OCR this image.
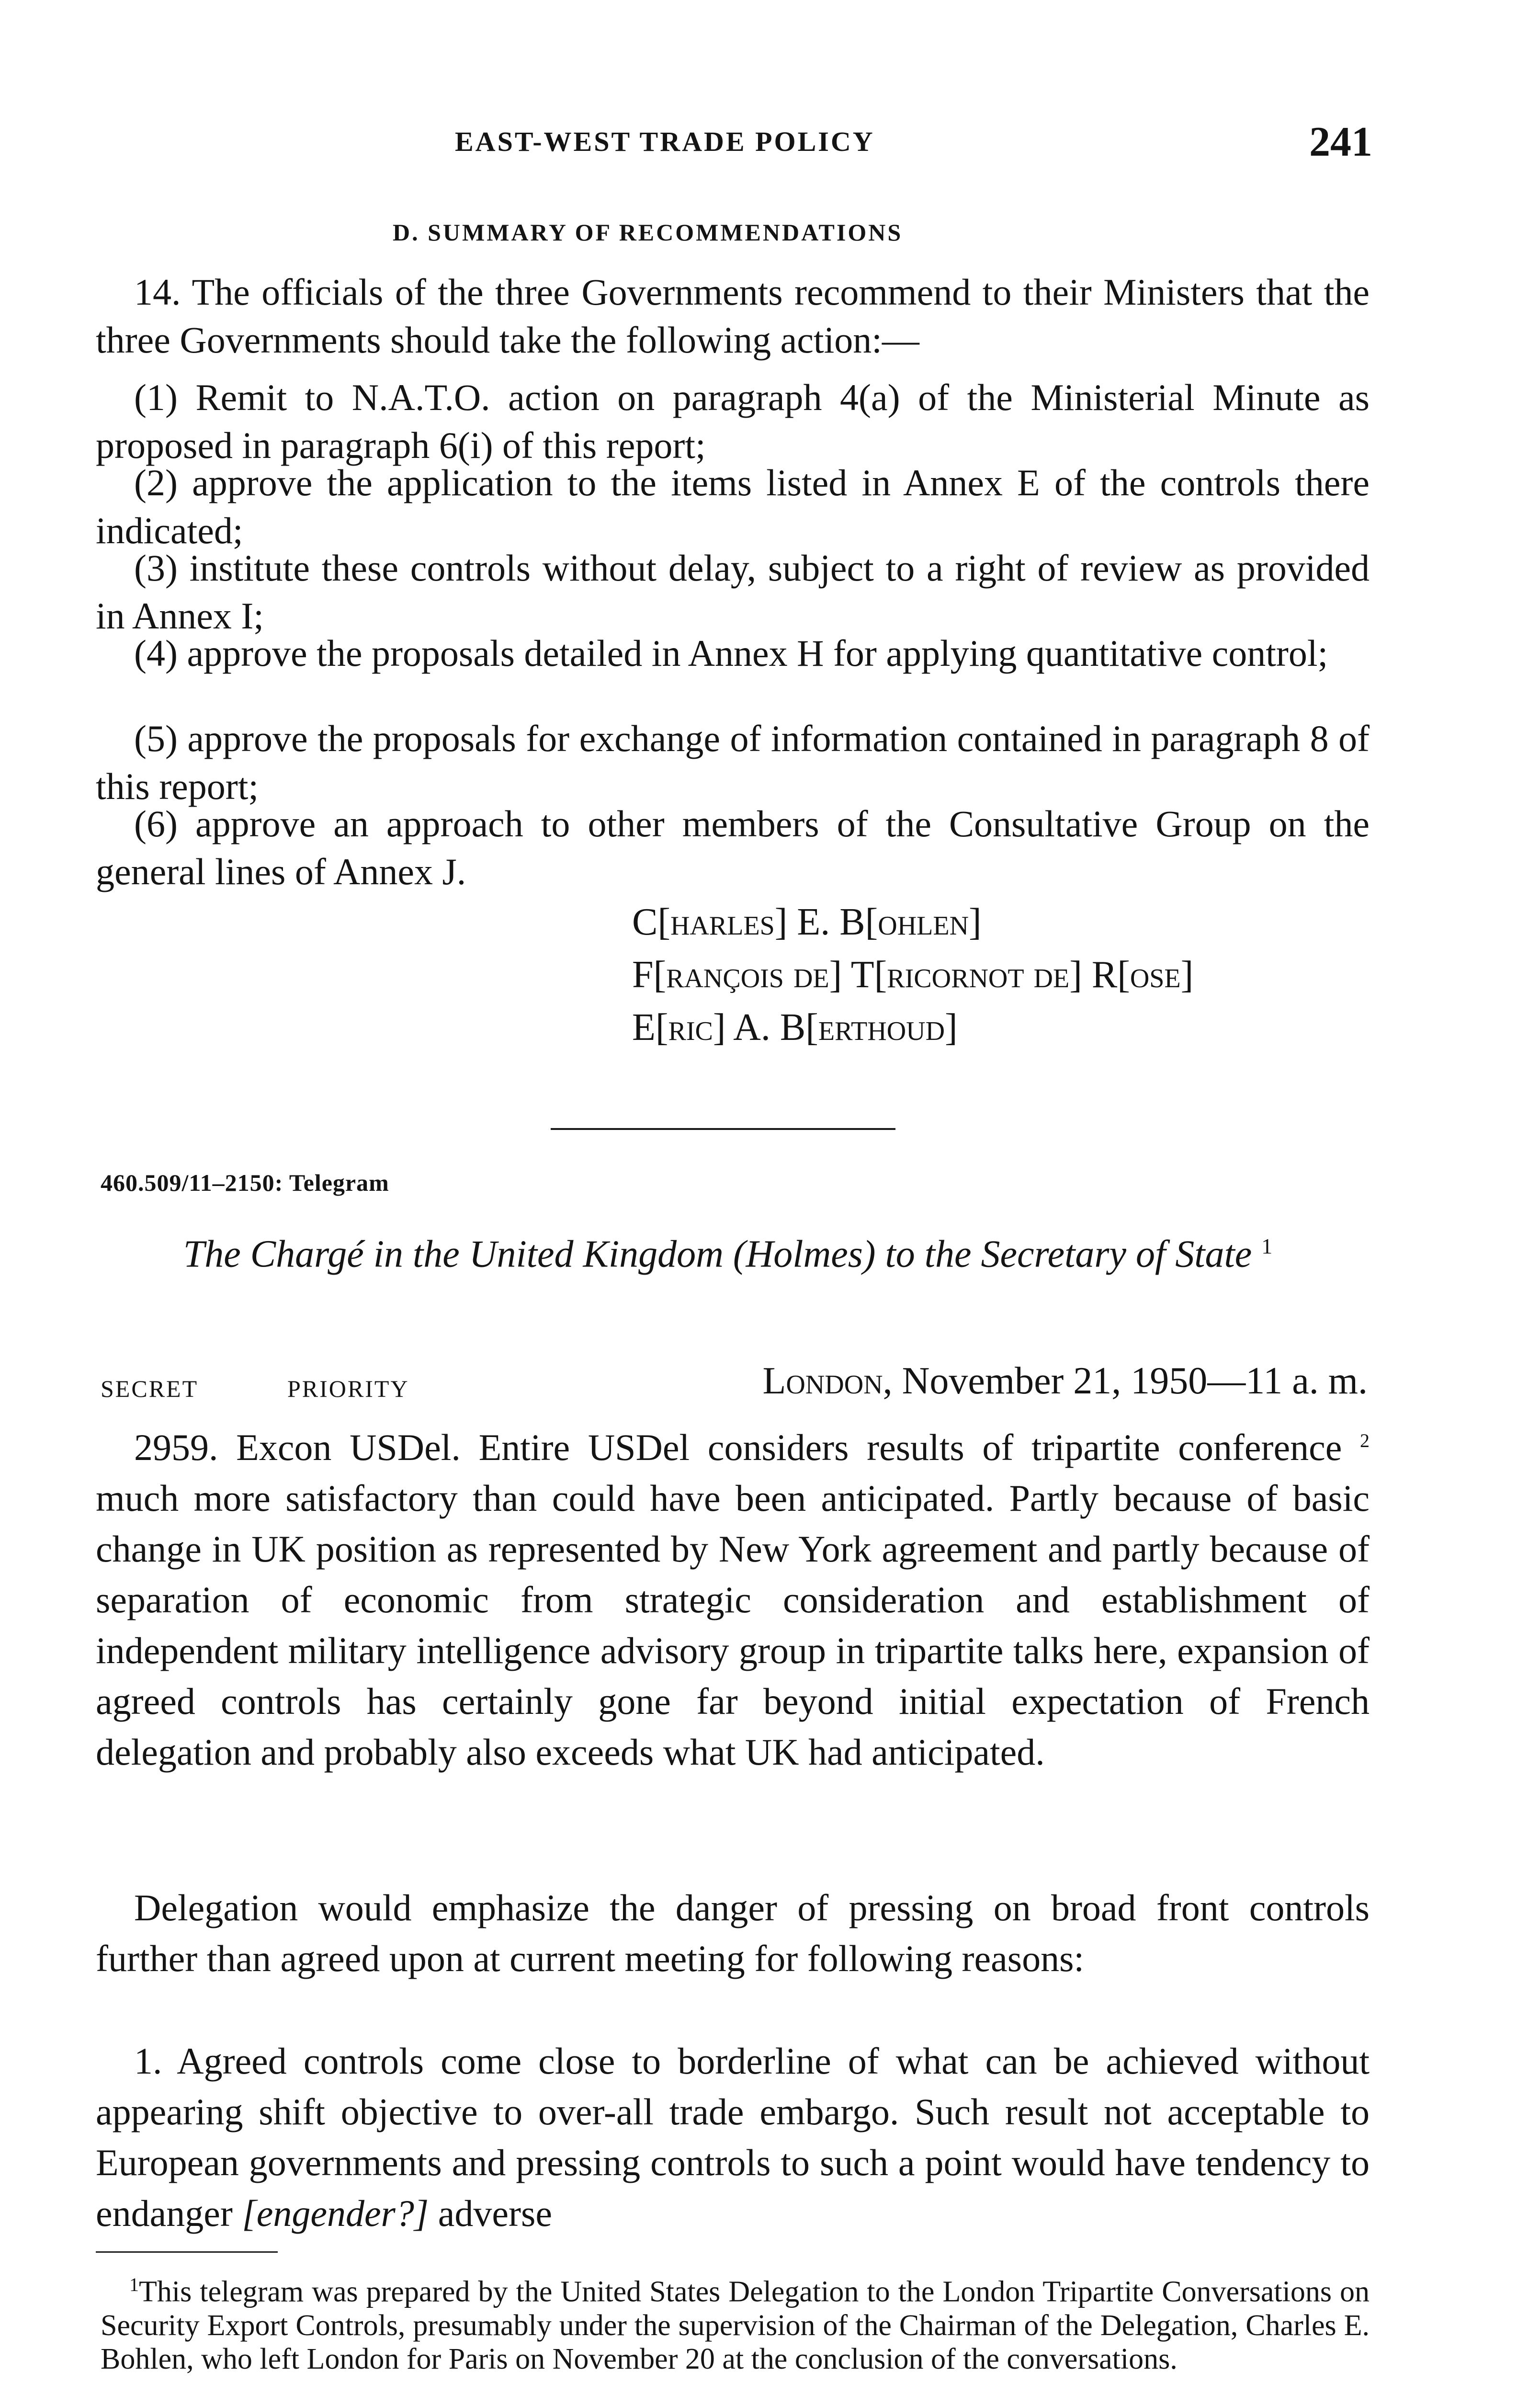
EAST-WEST TRADE POLICY	241
D. SUMMARY OF RECOMMENDATIONS
14. The officials of the three Governments recommend to their Ministers that the three Governments should take the following action:—
(1) Remit to N.A.T.O. action on paragraph 4(a) of the Ministerial Minute as proposed in paragraph 6(i) of this report;
(2) approve the application to the items listed in Annex E of the controls there indicated;
(3) institute these controls without delay, subject to a right of review as provided in Annex I;
(4) approve the proposals detailed in Annex H for applying quantitative control;
(5) approve the proposals for exchange of information contained in paragraph 8 of this report;
(6) approve an approach to other members of the Consultative Group on the general lines of Annex J.
C[harles] E. B[ohlen]
F[rançois de] T[ricornot de] R[ose]
E[ric] A. B[erthoud]
460.509/11–2150: Telegram
The Chargé in the United Kingdom (Holmes) to the Secretary of State $^1$
SECRET	PRIORITY	London, November 21, 1950—11 a. m.
2959. Excon USDel. Entire USDel considers results of tripartite conference $^2$ much more satisfactory than could have been anticipated. Partly because of basic change in UK position as represented by New York agreement and partly because of separation of economic from strategic consideration and establishment of independent military intelligence advisory group in tripartite talks here, expansion of agreed controls has certainly gone far beyond initial expectation of French delegation and probably also exceeds what UK had anticipated.
Delegation would emphasize the danger of pressing on broad front controls further than agreed upon at current meeting for following reasons:
1. Agreed controls come close to borderline of what can be achieved without appearing shift objective to over-all trade embargo. Such result not acceptable to European governments and pressing controls to such a point would have tendency to endanger [engender?] adverse
$^1$This telegram was prepared by the United States Delegation to the London Tripartite Conversations on Security Export Controls, presumably under the supervision of the Chairman of the Delegation, Charles E. Bohlen, who left London for Paris on November 20 at the conclusion of the conversations.
